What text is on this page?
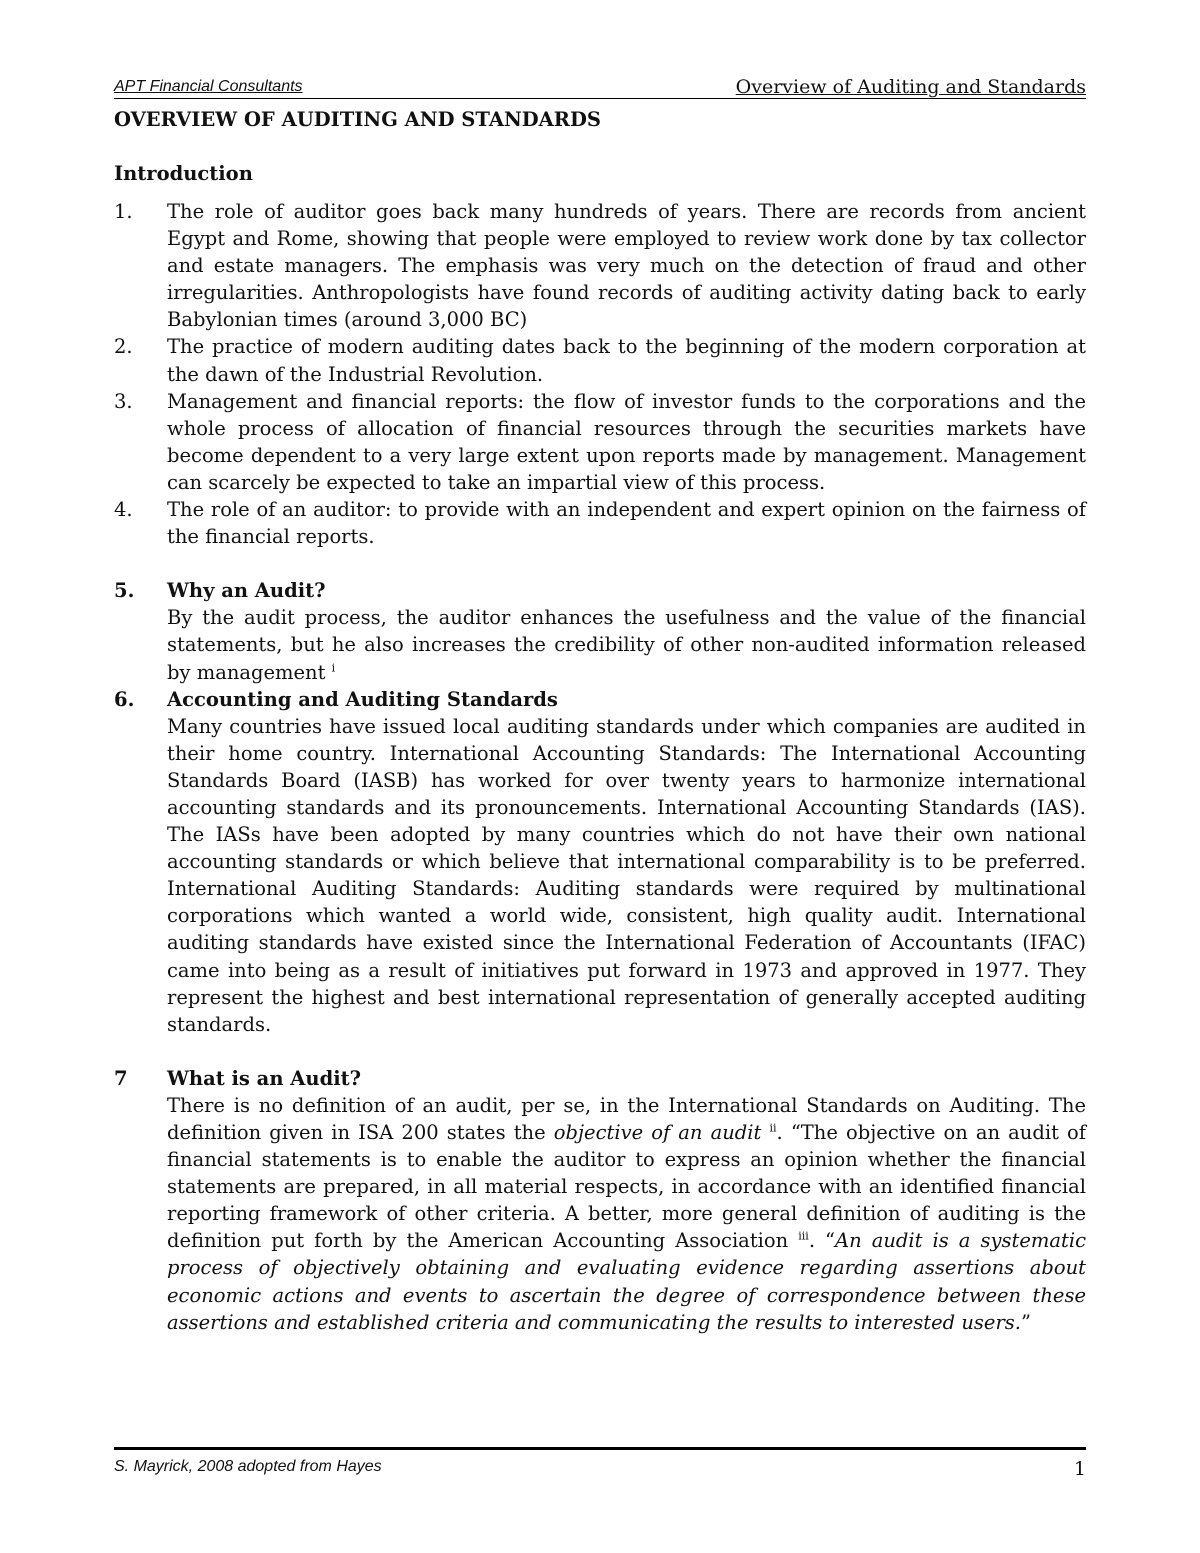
APT Financial Consultants	Overview of Auditing and Standards
OVERVIEW OF AUDITING AND STANDARDS
Introduction
1. The role of auditor goes back many hundreds of years. There are records from ancient Egypt and Rome, showing that people were employed to review work done by tax collector and estate managers. The emphasis was very much on the detection of fraud and other irregularities. Anthropologists have found records of auditing activity dating back to early Babylonian times (around 3,000 BC)
2. The practice of modern auditing dates back to the beginning of the modern corporation at the dawn of the Industrial Revolution.
3. Management and financial reports: the flow of investor funds to the corporations and the whole process of allocation of financial resources through the securities markets have become dependent to a very large extent upon reports made by management. Management can scarcely be expected to take an impartial view of this process.
4. The role of an auditor: to provide with an independent and expert opinion on the fairness of the financial reports.
5. Why an Audit?
By the audit process, the auditor enhances the usefulness and the value of the financial statements, but he also increases the credibility of other non-audited information released by management $^i$
6. Accounting and Auditing Standards
Many countries have issued local auditing standards under which companies are audited in their home country. International Accounting Standards: The International Accounting Standards Board (IASB) has worked for over twenty years to harmonize international accounting standards and its pronouncements. International Accounting Standards (IAS). The IASs have been adopted by many countries which do not have their own national accounting standards or which believe that international comparability is to be preferred. International Auditing Standards: Auditing standards were required by multinational corporations which wanted a world wide, consistent, high quality audit. International auditing standards have existed since the International Federation of Accountants (IFAC) came into being as a result of initiatives put forward in 1973 and approved in 1977. They represent the highest and best international representation of generally accepted auditing standards.
7 What is an Audit?
There is no definition of an audit, per se, in the International Standards on Auditing. The definition given in ISA 200 states the objective of an audit $^{ii}$. “The objective on an audit of financial statements is to enable the auditor to express an opinion whether the financial statements are prepared, in all material respects, in accordance with an identified financial reporting framework of other criteria. A better, more general definition of auditing is the definition put forth by the American Accounting Association $^{iii}$. “An audit is a systematic process of objectively obtaining and evaluating evidence regarding assertions about economic actions and events to ascertain the degree of correspondence between these assertions and established criteria and communicating the results to interested users.”
S. Mayrick, 2008 adopted from Hayes	1
